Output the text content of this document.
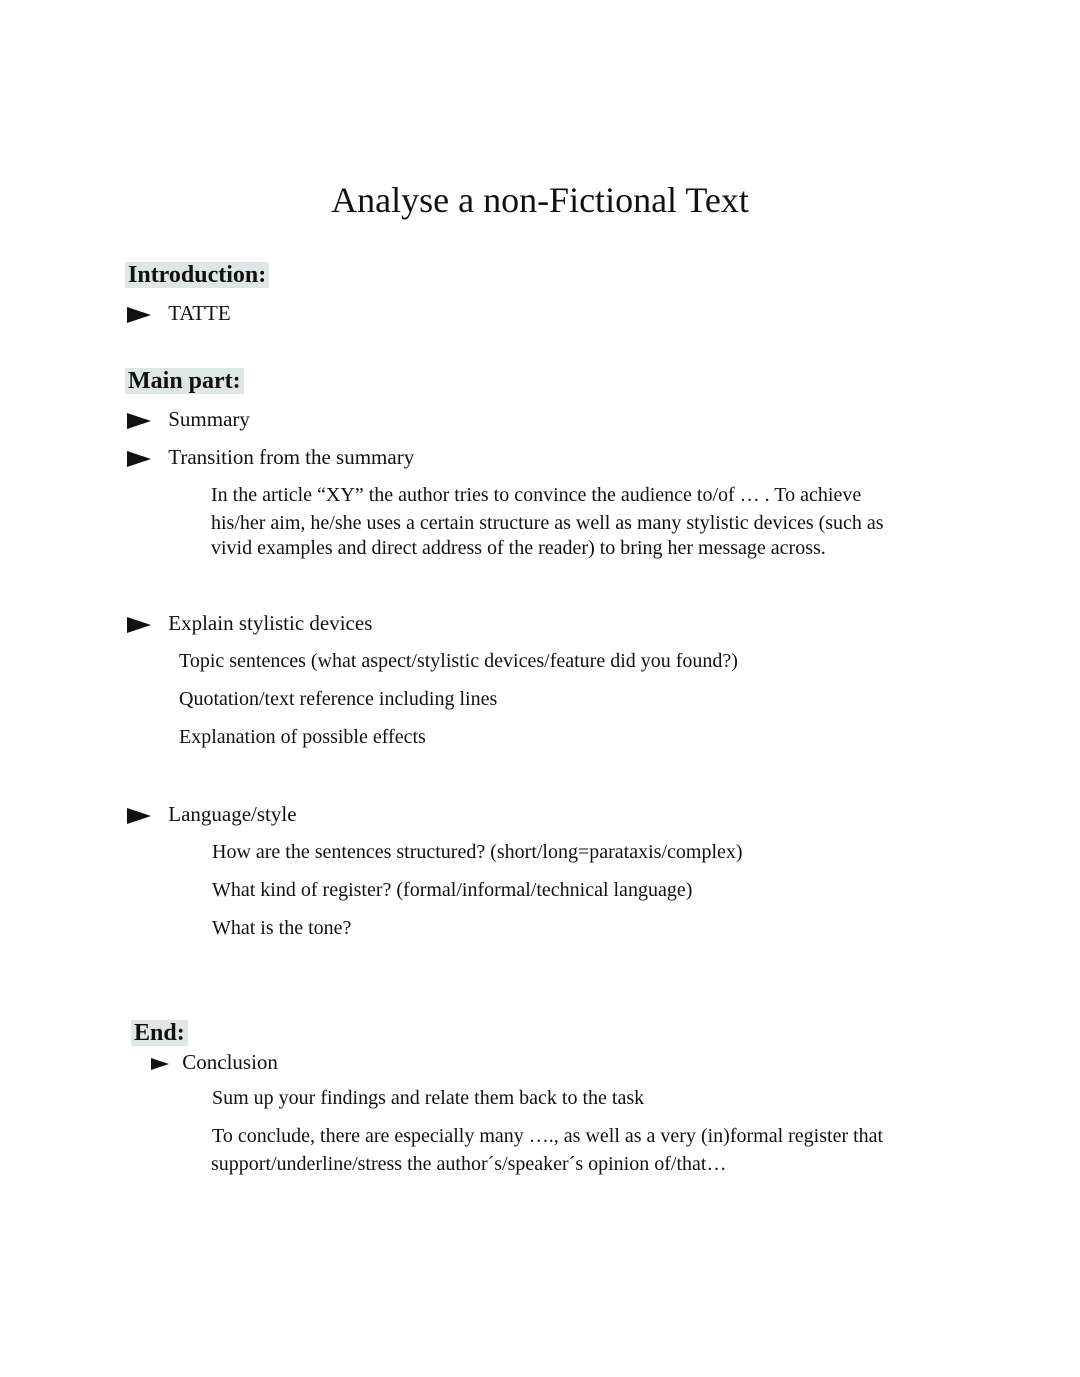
Analyse a non-Fictional Text
Introduction:
TATTE
Main part:
Summary
Transition from the summary
In the article “XY” the author tries to convince the audience to/of … . To achieve
his/her aim, he/she uses a certain structure as well as many stylistic devices (such as
vivid examples and direct address of the reader) to bring her message across.
Explain stylistic devices
Topic sentences (what aspect/stylistic devices/feature did you found?)
Quotation/text reference including lines
Explanation of possible effects
Language/style
How are the sentences structured? (short/long=parataxis/complex)
What kind of register? (formal/informal/technical language)
What is the tone?
End:
Conclusion
Sum up your findings and relate them back to the task
To conclude, there are especially many …., as well as a very (in)formal register that
support/underline/stress the author´s/speaker´s opinion of/that…
